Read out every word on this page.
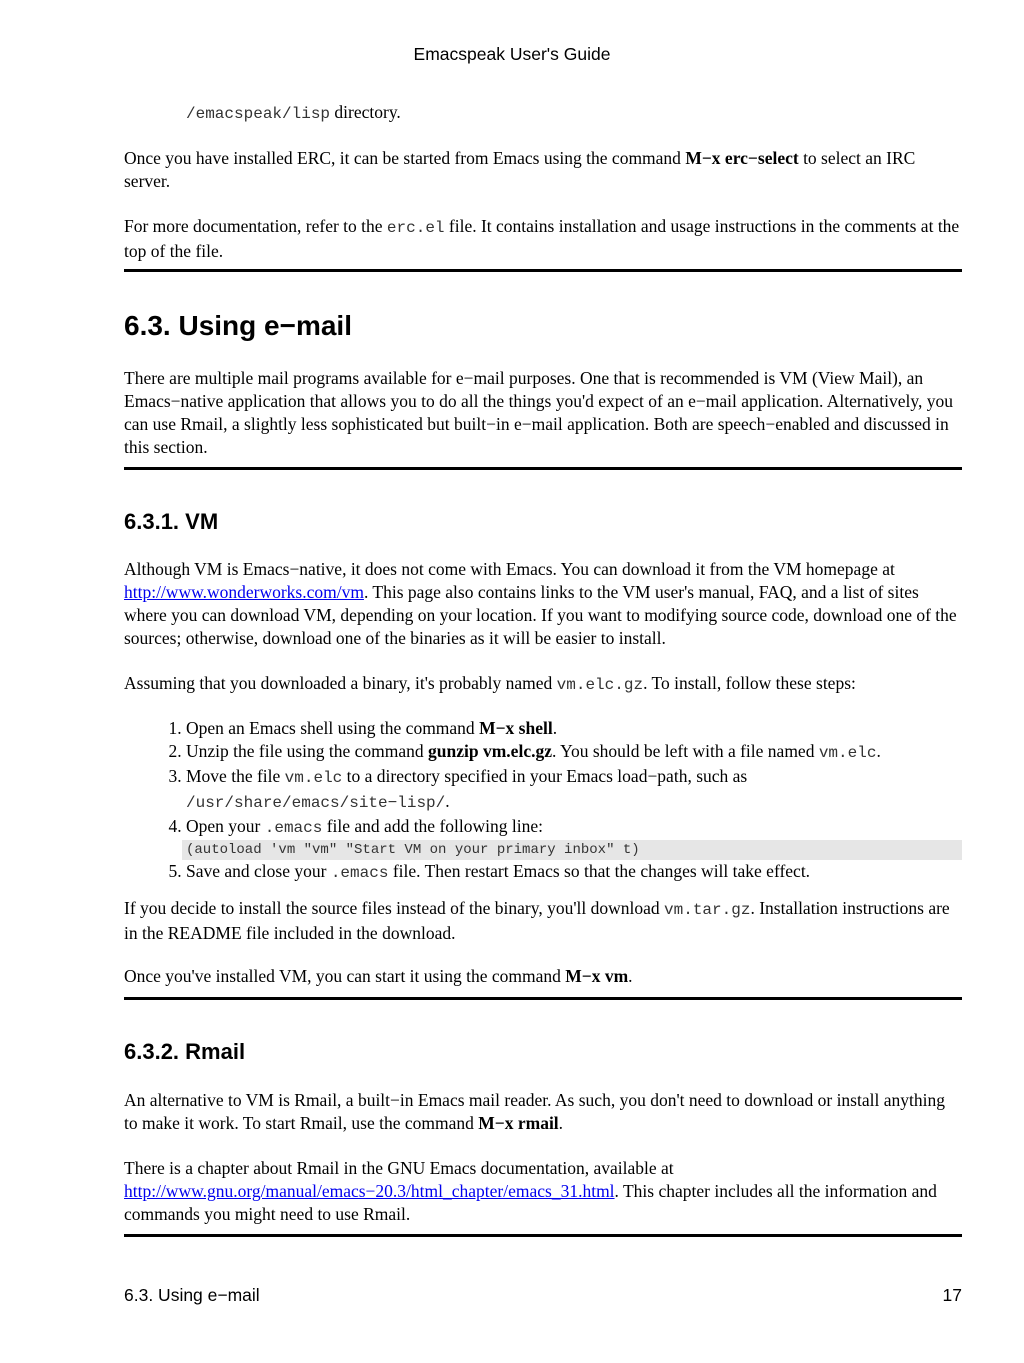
Emacspeak User's Guide

/emacspeak/lisp directory.

Once you have installed ERC, it can be started from Emacs using the command M−x erc−select to select an IRC server.

For more documentation, refer to the erc.el file. It contains installation and usage instructions in the comments at the top of the file.

6.3. Using e−mail

There are multiple mail programs available for e−mail purposes. One that is recommended is VM (View Mail), an Emacs−native application that allows you to do all the things you'd expect of an e−mail application. Alternatively, you can use Rmail, a slightly less sophisticated but built−in e−mail application. Both are speech−enabled and discussed in this section.

6.3.1. VM

Although VM is Emacs−native, it does not come with Emacs. You can download it from the VM homepage at http://www.wonderworks.com/vm. This page also contains links to the VM user's manual, FAQ, and a list of sites where you can download VM, depending on your location. If you want to modifying source code, download one of the sources; otherwise, download one of the binaries as it will be easier to install.

Assuming that you downloaded a binary, it's probably named vm.elc.gz. To install, follow these steps:

1. Open an Emacs shell using the command M−x shell.
2. Unzip the file using the command gunzip vm.elc.gz. You should be left with a file named vm.elc.
3. Move the file vm.elc to a directory specified in your Emacs load−path, such as /usr/share/emacs/site−lisp/.
4. Open your .emacs file and add the following line:
(autoload 'vm "vm" "Start VM on your primary inbox" t)
5. Save and close your .emacs file. Then restart Emacs so that the changes will take effect.

If you decide to install the source files instead of the binary, you'll download vm.tar.gz. Installation instructions are in the README file included in the download.

Once you've installed VM, you can start it using the command M−x vm.

6.3.2. Rmail

An alternative to VM is Rmail, a built−in Emacs mail reader. As such, you don't need to download or install anything to make it work. To start Rmail, use the command M−x rmail.

There is a chapter about Rmail in the GNU Emacs documentation, available at http://www.gnu.org/manual/emacs−20.3/html_chapter/emacs_31.html. This chapter includes all the information and commands you might need to use Rmail.

6.3. Using e−mail	17
